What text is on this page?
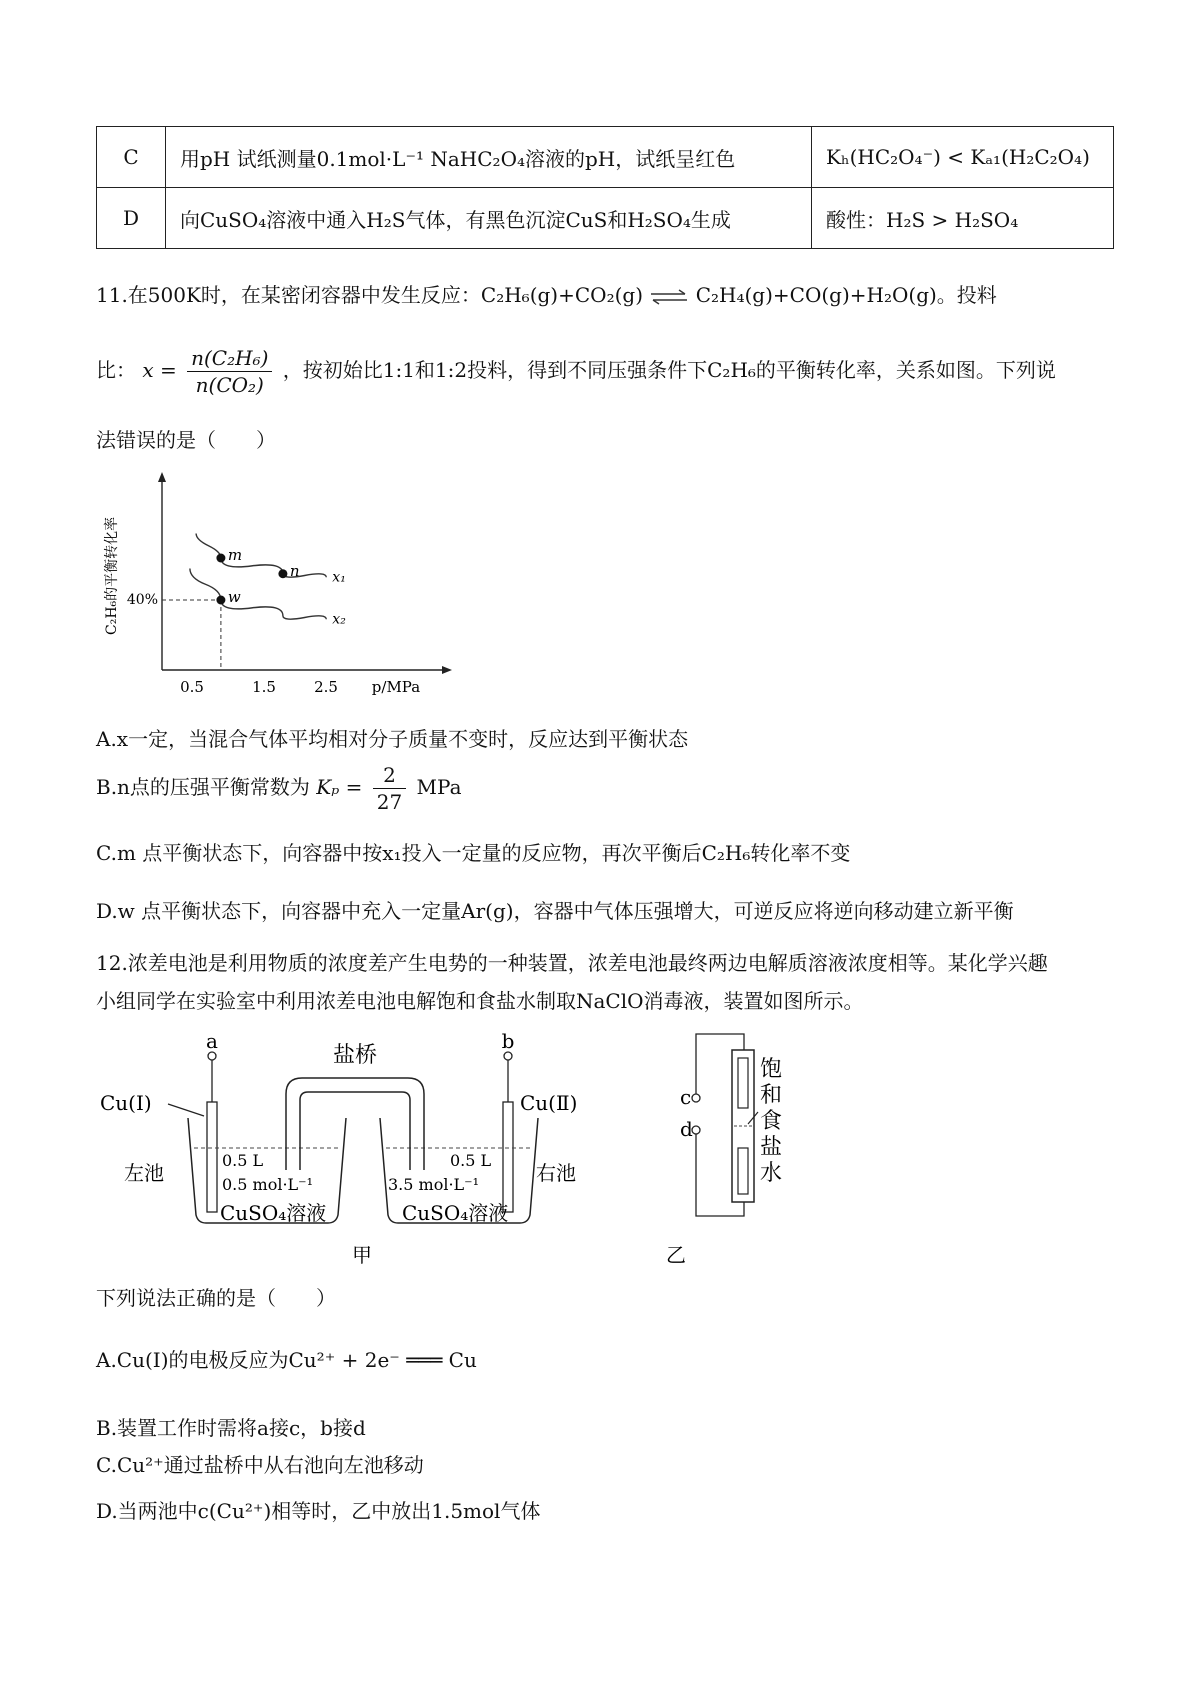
C	用pH 试纸测量0.1mol·L⁻¹ NaHC₂O₄溶液的pH，试纸呈红色	Kₕ(HC₂O₄⁻) < Kₐ₁(H₂C₂O₄)
D	向CuSO₄溶液中通入H₂S气体，有黑色沉淀CuS和H₂SO₄生成	酸性：H₂S > H₂SO₄
11.在500K时，在某密闭容器中发生反应：C₂H₆(g)+CO₂(g) ⇌ C₂H₄(g)+CO(g)+H₂O(g)。投料
比： $x = \frac{\text{n(C₂H₆)}}{\text{n(CO₂)}}$ ，按初始比1:1和1:2投料，得到不同压强条件下C₂H₆的平衡转化率，关系如图。下列说
法错误的是（　　）
C₂H₆的平衡转化率	x₁
x₂
m
n
w
40%
0.5	1.5	2.5 p/MPa
A.x一定，当混合气体平均相对分子质量不变时，反应达到平衡状态
B.n点的压强平衡常数为 $K_p = \frac{2}{27}$ MPa
C.m 点平衡状态下，向容器中按x₁投入一定量的反应物，再次平衡后C₂H₆转化率不变
D.w 点平衡状态下，向容器中充入一定量Ar(g)，容器中气体压强增大，可逆反应将逆向移动建立新平衡
12.浓差电池是利用物质的浓度差产生电势的一种装置，浓差电池最终两边电解质溶液浓度相等。某化学兴趣
小组同学在实验室中利用浓差电池电解饱和食盐水制取NaClO消毒液，装置如图所示。
a	b
盐桥
Cu(Ⅰ)	Cu(Ⅱ)
左池	右池
0.5 L
0.5 mol·L⁻¹
0.5 L
3.5 mol·L⁻¹
CuSO₄溶液	CuSO₄溶液
甲
c
d
饱
和
食
盐
水
乙
下列说法正确的是（　　）
A.Cu(I)的电极反应为Cu²⁺ + 2e⁻ ═══ Cu
B.装置工作时需将a接c，b接d
C.Cu²⁺通过盐桥中从右池向左池移动
D.当两池中c(Cu²⁺)相等时，乙中放出1.5mol气体
